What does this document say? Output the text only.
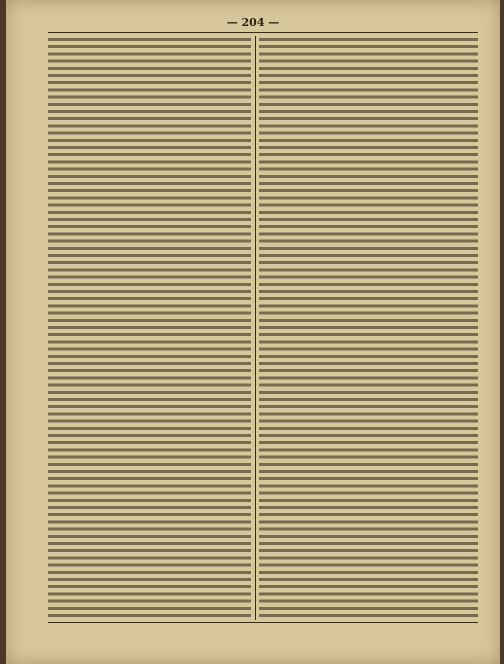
— 204 —
